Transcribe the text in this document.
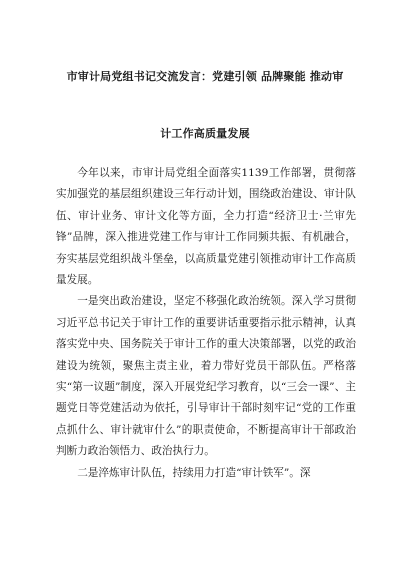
市审计局党组书记交流发言：党建引领 品牌聚能 推动审
计工作高质量发展

今年以来，市审计局党组全面落实1139工作部署，贯彻落实加强党的基层组织建设三年行动计划，围绕政治建设、审计队伍、审计业务、审计文化等方面，全力打造“经济卫士·兰审先锋”品牌，深入推进党建工作与审计工作同频共振、有机融合，夯实基层党组织战斗堡垒，以高质量党建引领推动审计工作高质量发展。

一是突出政治建设，坚定不移强化政治统领。深入学习贯彻习近平总书记关于审计工作的重要讲话重要指示批示精神，认真落实党中央、国务院关于审计工作的重大决策部署，以党的政治建设为统领，聚焦主责主业，着力带好党员干部队伍。严格落实“第一议题”制度，深入开展党纪学习教育，以“三会一课”、主题党日等党建活动为依托，引导审计干部时刻牢记“党的工作重点抓什么、审计就审什么”的职责使命，不断提高审计干部政治判断力政治领悟力、政治执行力。

二是淬炼审计队伍，持续用力打造“审计铁军”。深
